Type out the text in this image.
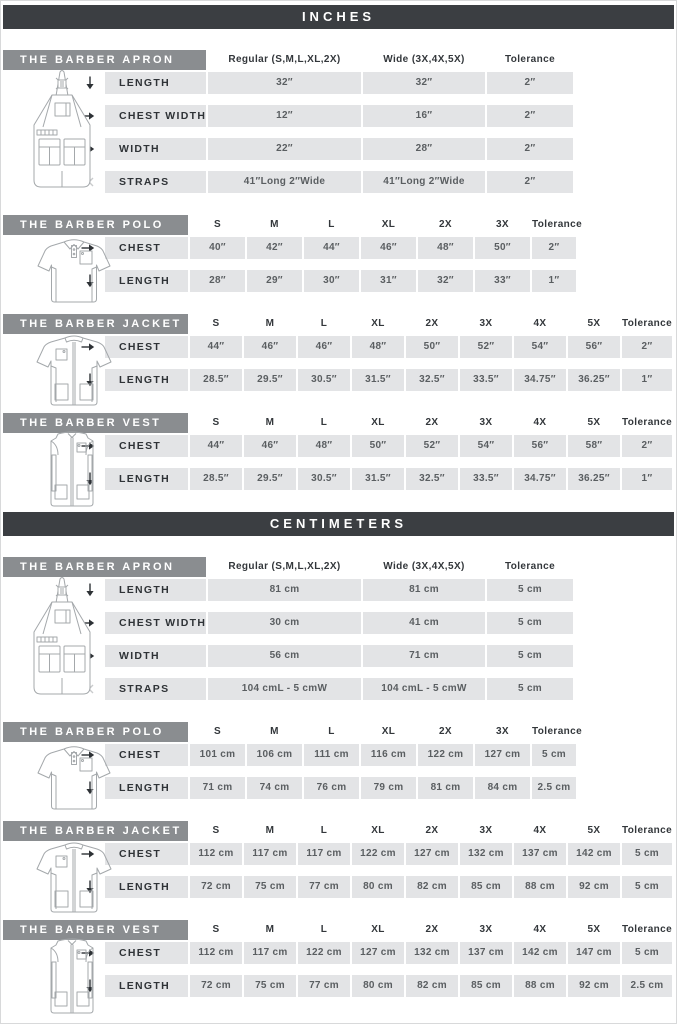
INCHES
THE BARBER APRON	Regular (S,M,L,XL,2X)	Wide (3X,4X,5X)	Tolerance
LENGTH	32″	32″	2″
CHEST WIDTH	12″	16″	2″
WIDTH	22″	28″	2″
STRAPS	41″Long 2″Wide	41″Long 2″Wide	2″
THE BARBER POLO	S	M	L	XL	2X	3X	Tolerance
CHEST	40″	42″	44″	46″	48″	50″	2″
LENGTH	28″	29″	30″	31″	32″	33″	1″
THE BARBER JACKET	S	M	L	XL	2X	3X	4X	5X	Tolerance
CHEST	44″	46″	46″	48″	50″	52″	54″	56″	2″
LENGTH	28.5″	29.5″	30.5″	31.5″	32.5″	33.5″	34.75″	36.25″	1″
THE BARBER VEST	S	M	L	XL	2X	3X	4X	5X	Tolerance
CHEST	44″	46″	48″	50″	52″	54″	56″	58″	2″
LENGTH	28.5″	29.5″	30.5″	31.5″	32.5″	33.5″	34.75″	36.25″	1″
CENTIMETERS
THE BARBER APRON	Regular (S,M,L,XL,2X)	Wide (3X,4X,5X)	Tolerance
LENGTH	81 cm	81 cm	5 cm
CHEST WIDTH	30 cm	41 cm	5 cm
WIDTH	56 cm	71 cm	5 cm
STRAPS	104 cmL - 5 cmW	104 cmL - 5 cmW	5 cm
THE BARBER POLO	S	M	L	XL	2X	3X	Tolerance
CHEST	101 cm	106 cm	111 cm	116 cm	122 cm	127 cm	5 cm
LENGTH	71 cm	74 cm	76 cm	79 cm	81 cm	84 cm	2.5 cm
THE BARBER JACKET	S	M	L	XL	2X	3X	4X	5X	Tolerance
CHEST	112 cm	117 cm	117 cm	122 cm	127 cm	132 cm	137 cm	142 cm	5 cm
LENGTH	72 cm	75 cm	77 cm	80 cm	82 cm	85 cm	88 cm	92 cm	5 cm
THE BARBER VEST	S	M	L	XL	2X	3X	4X	5X	Tolerance
CHEST	112 cm	117 cm	122 cm	127 cm	132 cm	137 cm	142 cm	147 cm	5 cm
LENGTH	72 cm	75 cm	77 cm	80 cm	82 cm	85 cm	88 cm	92 cm	2.5 cm
